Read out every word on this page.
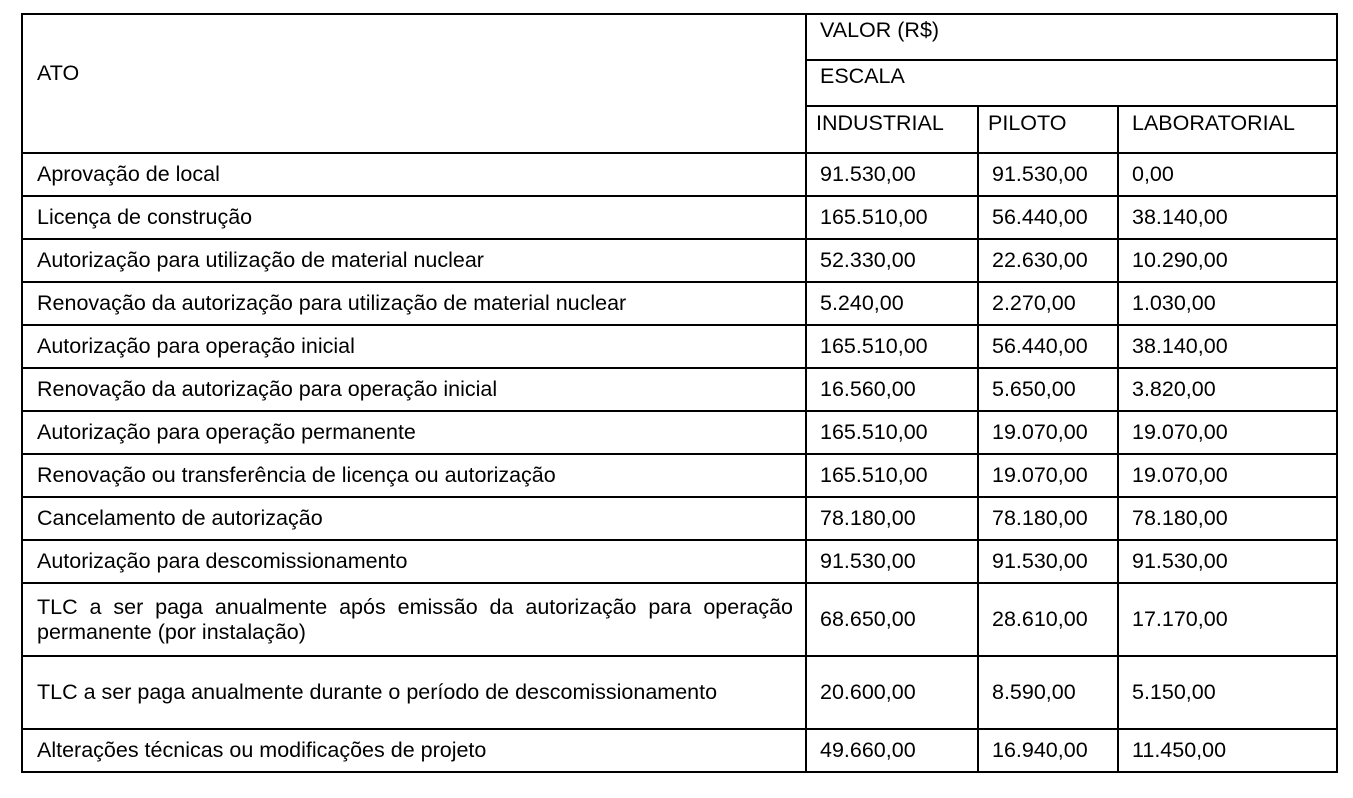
ATO	VALOR (R$)		
	ESCALA		
	INDUSTRIAL	PILOTO	LABORATORIAL
Aprovação de local	91.530,00	91.530,00	0,00
Licença de construção	165.510,00	56.440,00	38.140,00
Autorização para utilização de material nuclear	52.330,00	22.630,00	10.290,00
Renovação da autorização para utilização de material nuclear	5.240,00	2.270,00	1.030,00
Autorização para operação inicial	165.510,00	56.440,00	38.140,00
Renovação da autorização para operação inicial	16.560,00	5.650,00	3.820,00
Autorização para operação permanente	165.510,00	19.070,00	19.070,00
Renovação ou transferência de licença ou autorização	165.510,00	19.070,00	19.070,00
Cancelamento de autorização	78.180,00	78.180,00	78.180,00
Autorização para descomissionamento	91.530,00	91.530,00	91.530,00
TLC a ser paga anualmente após emissão da autorização para operação permanente (por instalação)	68.650,00	28.610,00	17.170,00
TLC a ser paga anualmente durante o período de descomissionamento	20.600,00	8.590,00	5.150,00
Alterações técnicas ou modificações de projeto	49.660,00	16.940,00	11.450,00
